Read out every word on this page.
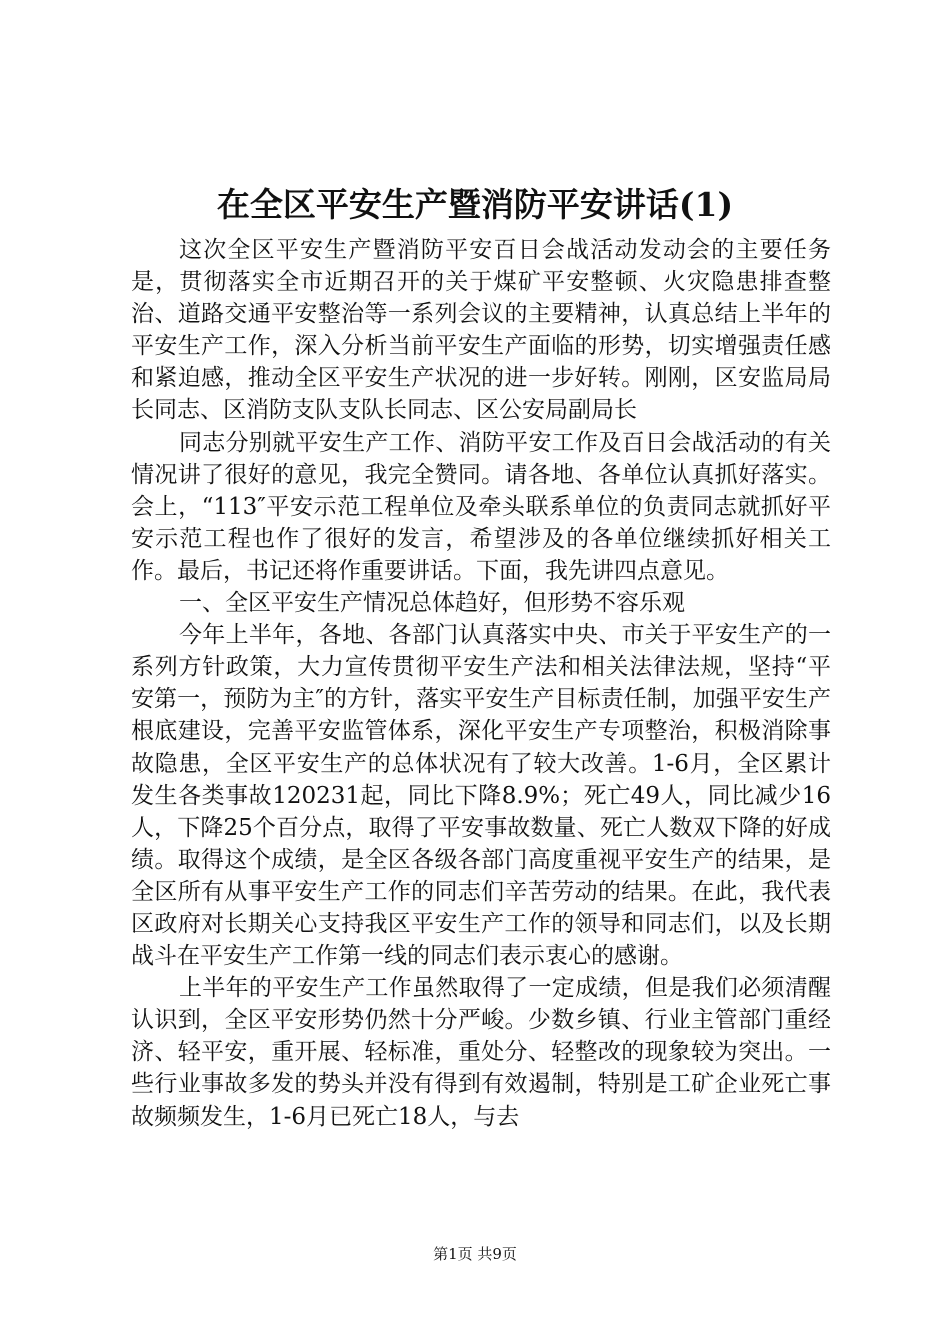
在全区平安生产暨消防平安讲话(1)

这次全区平安生产暨消防平安百日会战活动发动会的主要任务是，贯彻落实全市近期召开的关于煤矿平安整顿、火灾隐患排查整治、道路交通平安整治等一系列会议的主要精神，认真总结上半年的平安生产工作，深入分析当前平安生产面临的形势，切实增强责任感和紧迫感，推动全区平安生产状况的进一步好转。刚刚，区安监局局长同志、区消防支队支队长同志、区公安局副局长

同志分别就平安生产工作、消防平安工作及百日会战活动的有关情况讲了很好的意见，我完全赞同。请各地、各单位认真抓好落实。会上，“113″平安示范工程单位及牵头联系单位的负责同志就抓好平安示范工程也作了很好的发言，希望涉及的各单位继续抓好相关工作。最后，书记还将作重要讲话。下面，我先讲四点意见。

一、全区平安生产情况总体趋好，但形势不容乐观

今年上半年，各地、各部门认真落实中央、市关于平安生产的一系列方针政策，大力宣传贯彻平安生产法和相关法律法规，坚持“平安第一，预防为主″的方针，落实平安生产目标责任制，加强平安生产根底建设，完善平安监管体系，深化平安生产专项整治，积极消除事故隐患，全区平安生产的总体状况有了较大改善。1-6月，全区累计发生各类事故120231起，同比下降8.9%；死亡49人，同比减少16人，下降25个百分点，取得了平安事故数量、死亡人数双下降的好成绩。取得这个成绩，是全区各级各部门高度重视平安生产的结果，是全区所有从事平安生产工作的同志们辛苦劳动的结果。在此，我代表区政府对长期关心支持我区平安生产工作的领导和同志们，以及长期战斗在平安生产工作第一线的同志们表示衷心的感谢。

上半年的平安生产工作虽然取得了一定成绩，但是我们必须清醒认识到，全区平安形势仍然十分严峻。少数乡镇、行业主管部门重经济、轻平安，重开展、轻标准，重处分、轻整改的现象较为突出。一些行业事故多发的势头并没有得到有效遏制，特别是工矿企业死亡事故频频发生，1-6月已死亡18人，与去

第1页 共9页
